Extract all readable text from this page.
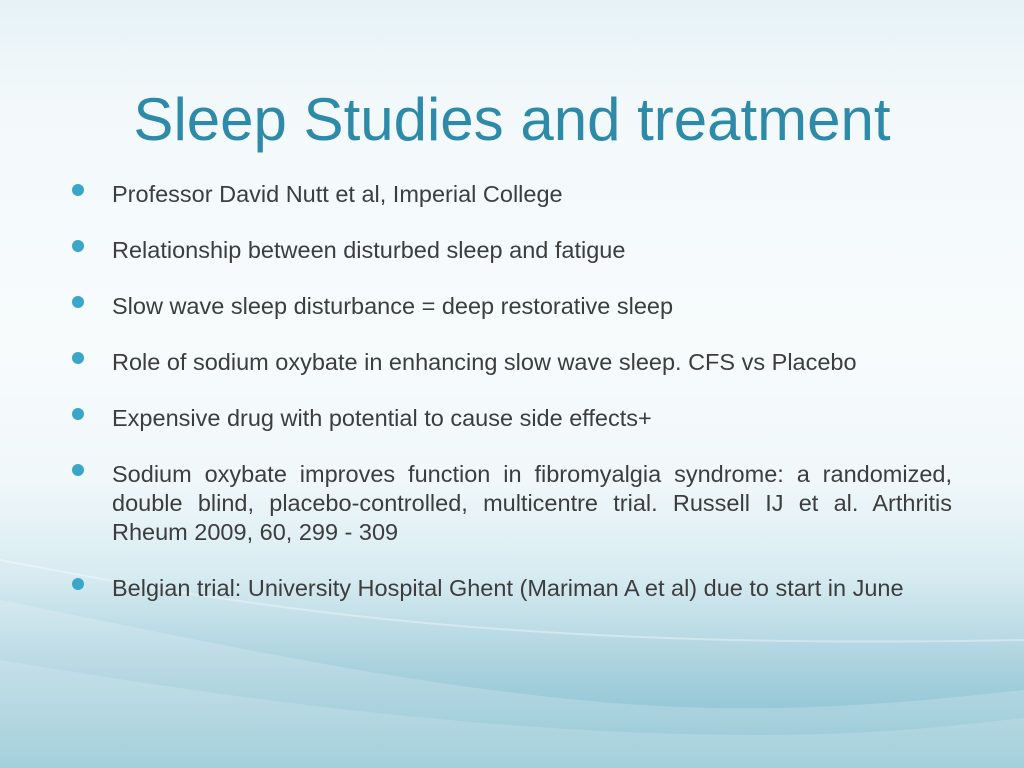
Sleep Studies and treatment
Professor David Nutt et al, Imperial College
Relationship between disturbed sleep and fatigue
Slow wave sleep disturbance = deep restorative sleep
Role of sodium oxybate in enhancing slow wave sleep. CFS vs Placebo
Expensive drug with potential to cause side effects+
Sodium oxybate improves function in fibromyalgia syndrome: a randomized, double blind, placebo-controlled, multicentre trial. Russell IJ et al. Arthritis Rheum 2009, 60, 299 - 309
Belgian trial: University Hospital Ghent (Mariman A et al) due to start in June
